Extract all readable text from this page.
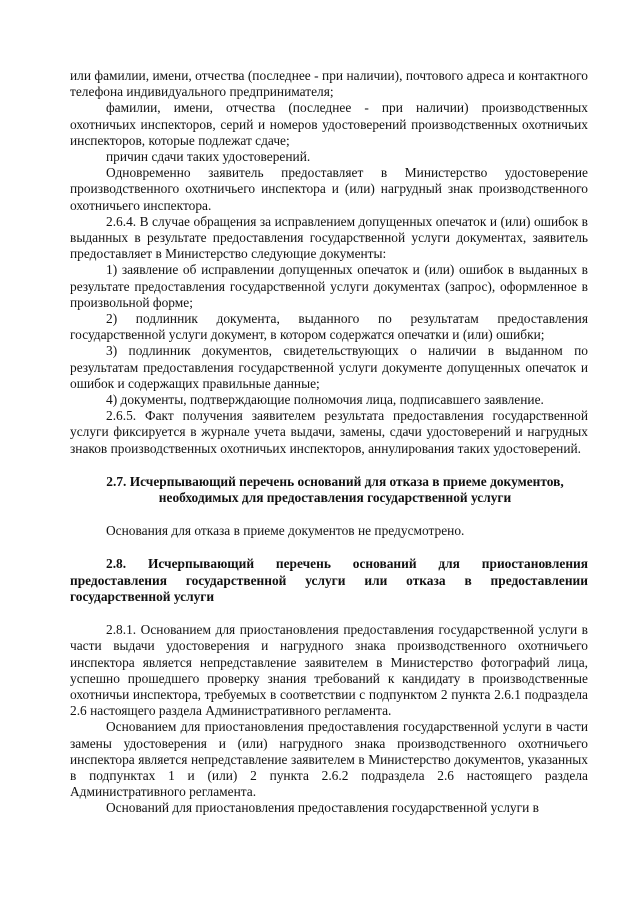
или фамилии, имени, отчества (последнее - при наличии), почтового адреса и контактного телефона индивидуального предпринимателя;

фамилии, имени, отчества (последнее - при наличии) производственных охотничьих инспекторов, серий и номеров удостоверений производственных охотничьих инспекторов, которые подлежат сдаче;

причин сдачи таких удостоверений.

Одновременно заявитель предоставляет в Министерство удостоверение производственного охотничьего инспектора и (или) нагрудный знак производственного охотничьего инспектора.

2.6.4. В случае обращения за исправлением допущенных опечаток и (или) ошибок в выданных в результате предоставления государственной услуги документах, заявитель предоставляет в Министерство следующие документы:

1) заявление об исправлении допущенных опечаток и (или) ошибок в выданных в результате предоставления государственной услуги документах (запрос), оформленное в произвольной форме;

2) подлинник документа, выданного по результатам предоставления государственной услуги документ, в котором содержатся опечатки и (или) ошибки;

3) подлинник документов, свидетельствующих о наличии в выданном по результатам предоставления государственной услуги документе допущенных опечаток и ошибок и содержащих правильные данные;

4) документы, подтверждающие полномочия лица, подписавшего заявление.

2.6.5. Факт получения заявителем результата предоставления государственной услуги фиксируется в журнале учета выдачи, замены, сдачи удостоверений и нагрудных знаков производственных охотничьих инспекторов, аннулирования таких удостоверений.

2.7. Исчерпывающий перечень оснований для отказа в приеме документов, необходимых для предоставления государственной услуги

Основания для отказа в приеме документов не предусмотрено.

2.8. Исчерпывающий перечень оснований для приостановления предоставления государственной услуги или отказа в предоставлении государственной услуги

2.8.1. Основанием для приостановления предоставления государственной услуги в части выдачи удостоверения и нагрудного знака производственного охотничьего инспектора является непредставление заявителем в Министерство фотографий лица, успешно прошедшего проверку знания требований к кандидату в производственные охотничьи инспектора, требуемых в соответствии с подпунктом 2 пункта 2.6.1 подраздела 2.6 настоящего раздела Административного регламента.

Основанием для приостановления предоставления государственной услуги в части замены удостоверения и (или) нагрудного знака производственного охотничьего инспектора является непредставление заявителем в Министерство документов, указанных в подпунктах 1 и (или) 2 пункта 2.6.2 подраздела 2.6 настоящего раздела Административного регламента.

Оснований для приостановления предоставления государственной услуги в
